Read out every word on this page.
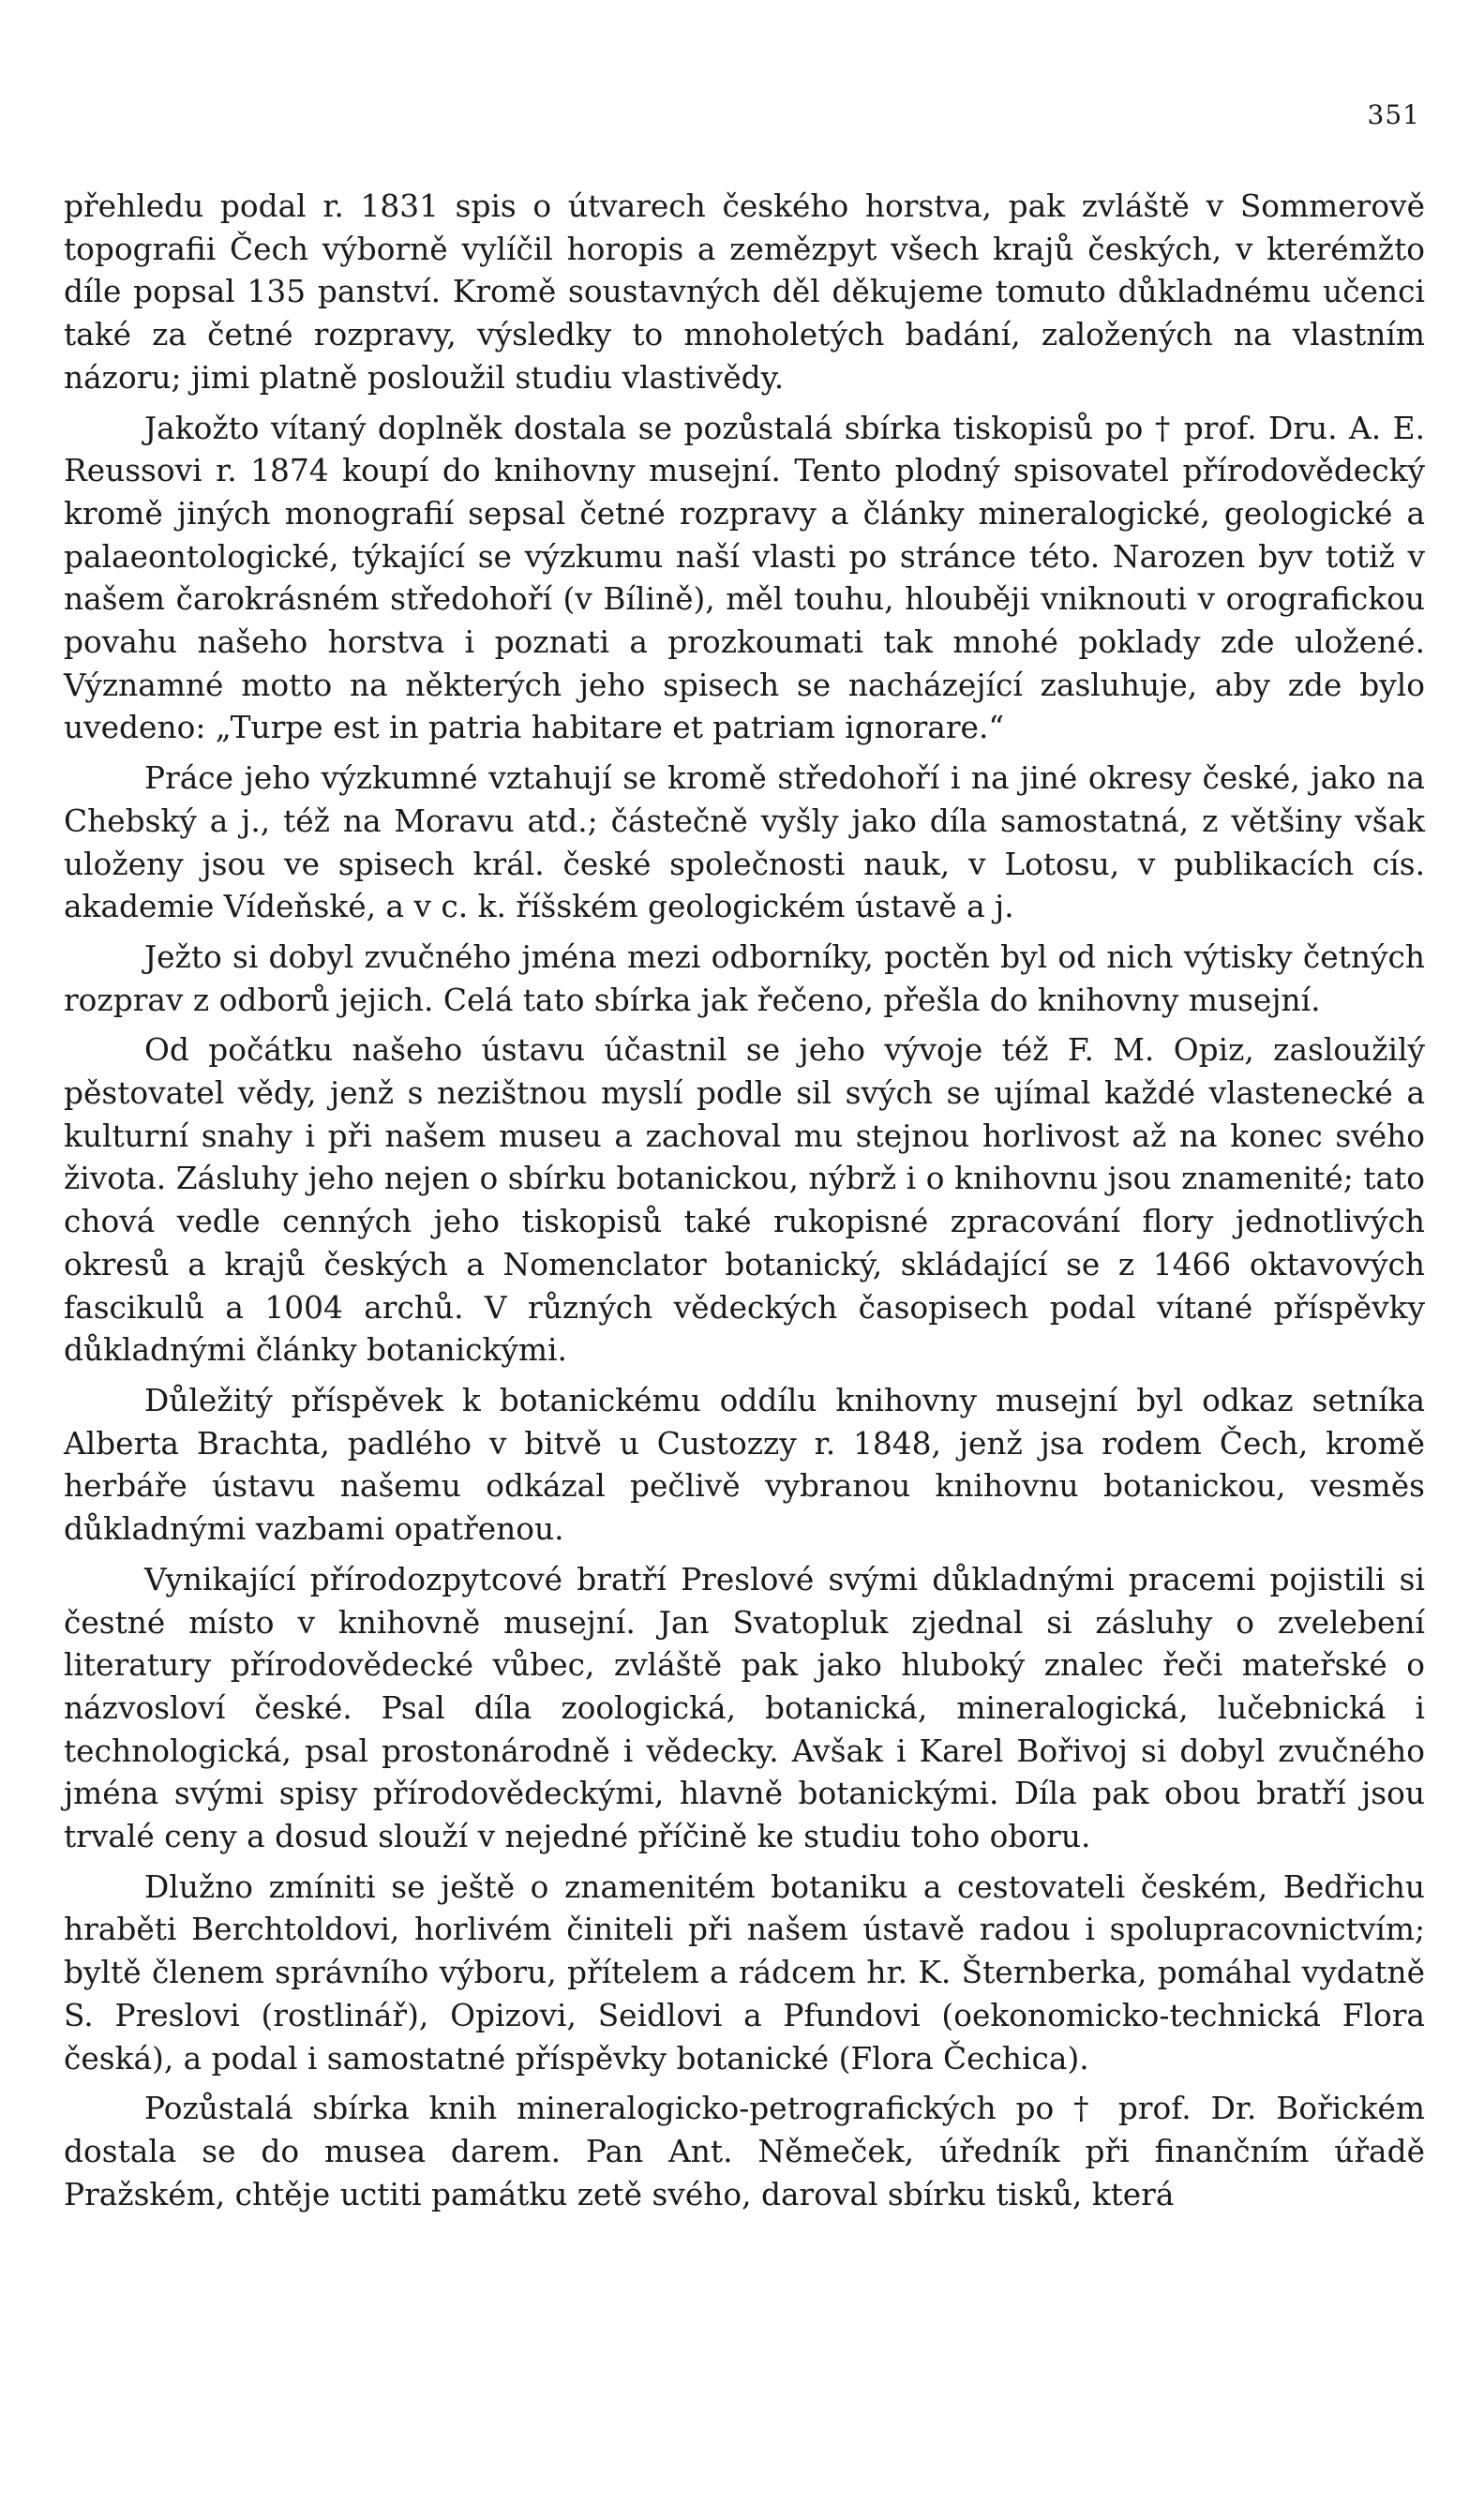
351

přehledu podal r. 1831 spis o útvarech českého horstva, pak zvláště v Sommerově topografii Čech výborně vylíčil horopis a zemězpyt všech krajů českých, v kterémžto díle popsal 135 panství. Kromě soustavných děl děkujeme tomuto důkladnému učenci také za četné rozpravy, výsledky to mnoholetých badání, založených na vlastním názoru; jimi platně posloužil studiu vlastivědy.

Jakožto vítaný doplněk dostala se pozůstalá sbírka tiskopisů po † prof. Dru. A. E. Reussovi r. 1874 koupí do knihovny musejní. Tento plodný spisovatel přírodovědecký kromě jiných monografií sepsal četné rozpravy a články mineralogické, geologické a palaeontologické, týkající se výzkumu naší vlasti po stránce této. Narozen byv totiž v našem čarokrásném středohoří (v Bílině), měl touhu, hlouběji vniknouti v orografickou povahu našeho horstva i poznati a prozkoumati tak mnohé poklady zde uložené. Významné motto na některých jeho spisech se nacházející zasluhuje, aby zde bylo uvedeno: „Turpe est in patria habitare et patriam ignorare.“

Práce jeho výzkumné vztahují se kromě středohoří i na jiné okresy české, jako na Chebský a j., též na Moravu atd.; částečně vyšly jako díla samostatná, z většiny však uloženy jsou ve spisech král. české společnosti nauk, v Lotosu, v publikacích cís. akademie Vídeňské, a v c. k. říšském geologickém ústavě a j.

Ježto si dobyl zvučného jména mezi odborníky, poctěn byl od nich výtisky četných rozprav z odborů jejich. Celá tato sbírka jak řečeno, přešla do knihovny musejní.

Od počátku našeho ústavu účastnil se jeho vývoje též F. M. Opiz, zasloužilý pěstovatel vědy, jenž s nezištnou myslí podle sil svých se ujímal každé vlastenecké a kulturní snahy i při našem museu a zachoval mu stejnou horlivost až na konec svého života. Zásluhy jeho nejen o sbírku botanickou, nýbrž i o knihovnu jsou znamenité; tato chová vedle cenných jeho tiskopisů také rukopisné zpracování flory jednotlivých okresů a krajů českých a Nomenclator botanický, skládající se z 1466 oktavových fascikulů a 1004 archů. V různých vědeckých časopisech podal vítané příspěvky důkladnými články botanickými.

Důležitý příspěvek k botanickému oddílu knihovny musejní byl odkaz setníka Alberta Brachta, padlého v bitvě u Custozzy r. 1848, jenž jsa rodem Čech, kromě herbáře ústavu našemu odkázal pečlivě vybranou knihovnu botanickou, vesměs důkladnými vazbami opatřenou.

Vynikající přírodozpytcové bratří Preslové svými důkladnými pracemi pojistili si čestné místo v knihovně musejní. Jan Svatopluk zjednal si zásluhy o zvelebení literatury přírodovědecké vůbec, zvláště pak jako hluboký znalec řeči mateřské o názvosloví české. Psal díla zoologická, botanická, mineralogická, lučebnická i technologická, psal prostonárodně i vědecky. Avšak i Karel Bořivoj si dobyl zvučného jména svými spisy přírodovědeckými, hlavně botanickými. Díla pak obou bratří jsou trvalé ceny a dosud slouží v nejedné příčině ke studiu toho oboru.

Dlužno zmíniti se ještě o znamenitém botaniku a cestovateli českém, Bedřichu hraběti Berchtoldovi, horlivém činiteli při našem ústavě radou i spolupracovnictvím; byltě členem správního výboru, přítelem a rádcem hr. K. Šternberka, pomáhal vydatně S. Preslovi (rostlinář), Opizovi, Seidlovi a Pfundovi (oekonomicko-technická Flora česká), a podal i samostatné příspěvky botanické (Flora Čechica).

Pozůstalá sbírka knih mineralogicko-petrografických po † prof. Dr. Bořickém dostala se do musea darem. Pan Ant. Němeček, úředník při finančním úřadě Pražském, chtěje uctiti památku zetě svého, daroval sbírku tisků, která
